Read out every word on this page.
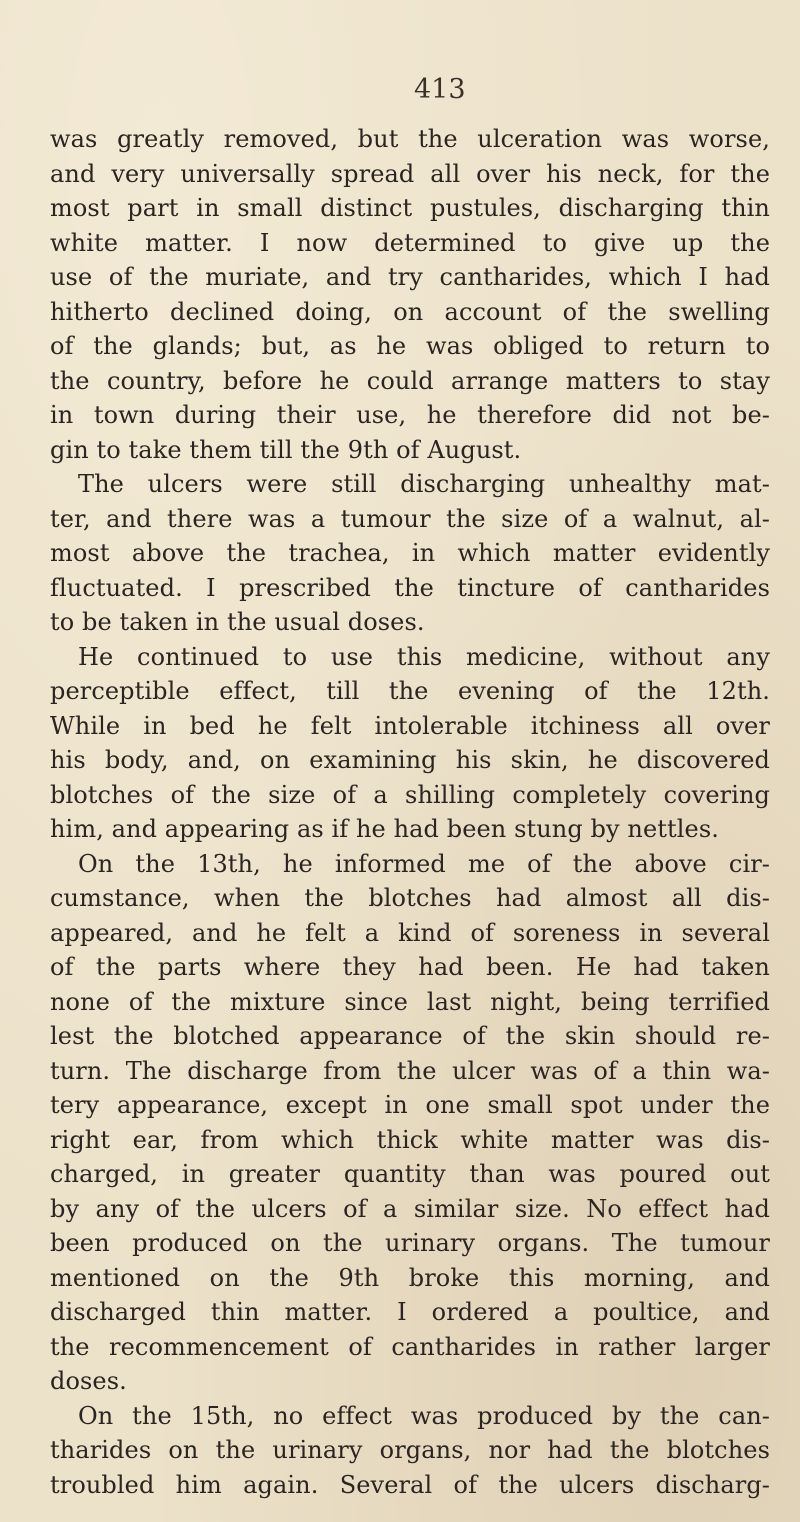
413

was greatly removed, but the ulceration was worse,
and very universally spread all over his neck, for the
most part in small distinct pustules, discharging thin
white matter. I now determined to give up the
use of the muriate, and try cantharides, which I had
hitherto declined doing, on account of the swelling
of the glands; but, as he was obliged to return to
the country, before he could arrange matters to stay
in town during their use, he therefore did not be-
gin to take them till the 9th of August.
The ulcers were still discharging unhealthy mat-
ter, and there was a tumour the size of a walnut, al-
most above the trachea, in which matter evidently
fluctuated. I prescribed the tincture of cantharides
to be taken in the usual doses.
He continued to use this medicine, without any
perceptible effect, till the evening of the 12th.
While in bed he felt intolerable itchiness all over
his body, and, on examining his skin, he discovered
blotches of the size of a shilling completely covering
him, and appearing as if he had been stung by nettles.
On the 13th, he informed me of the above cir-
cumstance, when the blotches had almost all dis-
appeared, and he felt a kind of soreness in several
of the parts where they had been. He had taken
none of the mixture since last night, being terrified
lest the blotched appearance of the skin should re-
turn. The discharge from the ulcer was of a thin wa-
tery appearance, except in one small spot under the
right ear, from which thick white matter was dis-
charged, in greater quantity than was poured out
by any of the ulcers of a similar size. No effect had
been produced on the urinary organs. The tumour
mentioned on the 9th broke this morning, and
discharged thin matter. I ordered a poultice, and
the recommencement of cantharides in rather larger
doses.
On the 15th, no effect was produced by the can-
tharides on the urinary organs, nor had the blotches
troubled him again. Several of the ulcers discharg-
